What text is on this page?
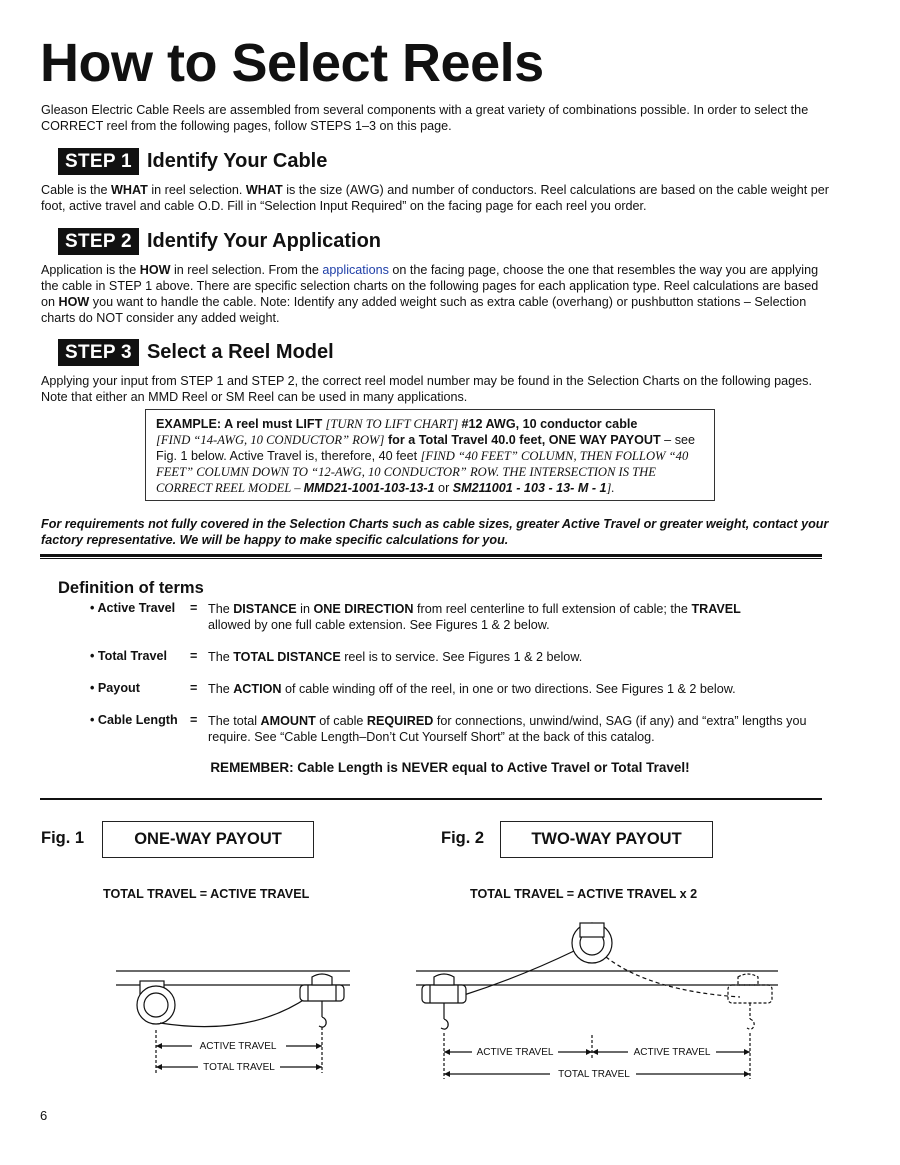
How to Select Reels
Gleason Electric Cable Reels are assembled from several components with a great variety of combinations possible. In order to select the CORRECT reel from the following pages, follow STEPS 1–3 on this page.
STEP 1 Identify Your Cable
Cable is the WHAT in reel selection. WHAT is the size (AWG) and number of conductors. Reel calculations are based on the cable weight per foot, active travel and cable O.D. Fill in “Selection Input Required” on the facing page for each reel you order.
STEP 2 Identify Your Application
Application is the HOW in reel selection. From the applications on the facing page, choose the one that resembles the way you are applying the cable in STEP 1 above. There are specific selection charts on the following pages for each application type. Reel calculations are based on HOW you want to handle the cable. Note: Identify any added weight such as extra cable (overhang) or pushbutton stations – Selection charts do NOT consider any added weight.
STEP 3 Select a Reel Model
Applying your input from STEP 1 and STEP 2, the correct reel model number may be found in the Selection Charts on the following pages. Note that either an MMD Reel or SM Reel can be used in many applications.
EXAMPLE: A reel must LIFT [TURN TO LIFT CHART] #12 AWG, 10 conductor cable
[FIND “14-AWG, 10 CONDUCTOR” ROW] for a Total Travel 40.0 feet, ONE WAY PAYOUT – see Fig. 1 below. Active Travel is, therefore, 40 feet [FIND “40 FEET” COLUMN, THEN FOLLOW “40 FEET” COLUMN DOWN TO “12-AWG, 10 CONDUCTOR” ROW. THE INTERSECTION IS THE CORRECT REEL MODEL – MMD21-1001-103-13-1 or SM211001 - 103 - 13- M - 1].
For requirements not fully covered in the Selection Charts such as cable sizes, greater Active Travel or greater weight, contact your factory representative. We will be happy to make specific calculations for you.
Definition of terms
• Active Travel = The DISTANCE in ONE DIRECTION from reel centerline to full extension of cable; the TRAVEL
allowed by one full cable extension. See Figures 1 & 2 below.
• Total Travel = The TOTAL DISTANCE reel is to service. See Figures 1 & 2 below.
• Payout	= The ACTION of cable winding off of the reel, in one or two directions. See Figures 1 & 2 below.
• Cable Length = The total AMOUNT of cable REQUIRED for connections, unwind/wind, SAG (if any) and “extra” lengths you require. See “Cable Length–Don’t Cut Yourself Short” at the back of this catalog.
REMEMBER: Cable Length is NEVER equal to Active Travel or Total Travel!
Fig. 1	ONE-WAY PAYOUT
TOTAL TRAVEL = ACTIVE TRAVEL
Fig. 2	TWO-WAY PAYOUT
TOTAL TRAVEL = ACTIVE TRAVEL x 2
ACTIVE TRAVEL
TOTAL TRAVEL
ACTIVE TRAVEL	ACTIVE TRAVEL
TOTAL TRAVEL
6
